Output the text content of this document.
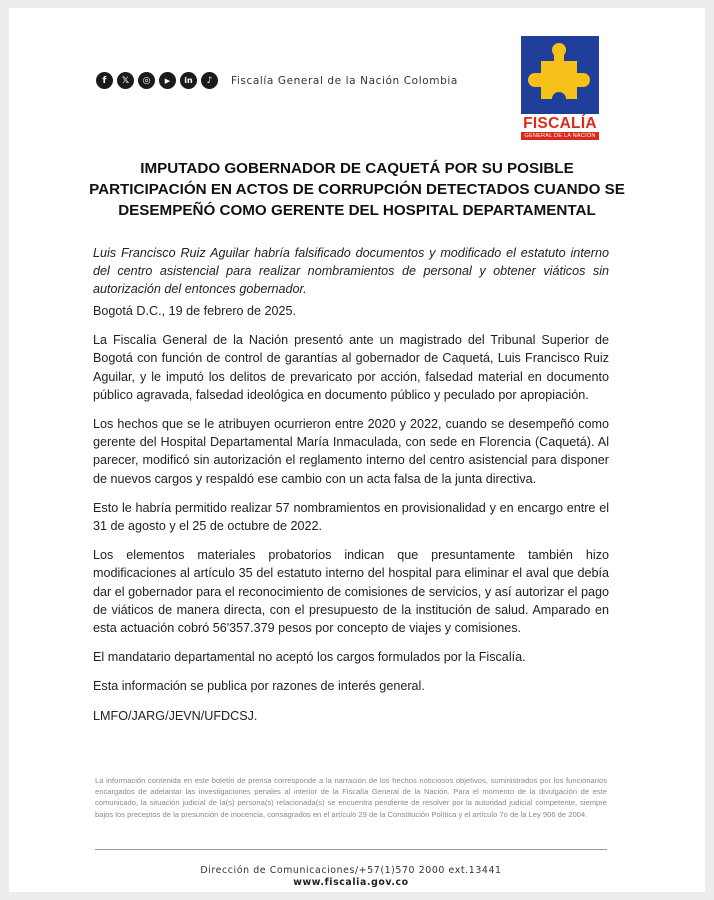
f	𝕏	◎	▶	in	♪	Fiscalía General de la Nación Colombia
FISCALÍA
GENERAL DE LA NACIÓN
IMPUTADO GOBERNADOR DE CAQUETÁ POR SU POSIBLE PARTICIPACIÓN EN ACTOS DE CORRUPCIÓN DETECTADOS CUANDO SE DESEMPEÑÓ COMO GERENTE DEL HOSPITAL DEPARTAMENTAL

Luis Francisco Ruiz Aguilar habría falsificado documentos y modificado el estatuto interno del centro asistencial para realizar nombramientos de personal y obtener viáticos sin autorización del entonces gobernador.

Bogotá D.C., 19 de febrero de 2025.

La Fiscalía General de la Nación presentó ante un magistrado del Tribunal Superior de Bogotá con función de control de garantías al gobernador de Caquetá, Luis Francisco Ruiz Aguilar, y le imputó los delitos de prevaricato por acción, falsedad material en documento público agravada, falsedad ideológica en documento público y peculado por apropiación.

Los hechos que se le atribuyen ocurrieron entre 2020 y 2022, cuando se desempeñó como gerente del Hospital Departamental María Inmaculada, con sede en Florencia (Caquetá). Al parecer, modificó sin autorización el reglamento interno del centro asistencial para disponer de nuevos cargos y respaldó ese cambio con un acta falsa de la junta directiva.

Esto le habría permitido realizar 57 nombramientos en provisionalidad y en encargo entre el 31 de agosto y el 25 de octubre de 2022.

Los elementos materiales probatorios indican que presuntamente también hizo modificaciones al artículo 35 del estatuto interno del hospital para eliminar el aval que debía dar el gobernador para el reconocimiento de comisiones de servicios, y así autorizar el pago de viáticos de manera directa, con el presupuesto de la institución de salud. Amparado en esta actuación cobró 56'357.379 pesos por concepto de viajes y comisiones.

El mandatario departamental no aceptó los cargos formulados por la Fiscalía.

Esta información se publica por razones de interés general.

LMFO/JARG/JEVN/UFDCSJ.

La información contenida en este boletín de prensa corresponde a la narración de los hechos noticiosos objetivos, suministrados por los funcionarios encargados de adelantar las investigaciones penales al interior de la Fiscalía General de la Nación. Para el momento de la divulgación de este comunicado, la situación judicial de la(s) persona(s) relacionada(s) se encuentra pendiente de resolver por la autoridad judicial competente, siempre bajos los preceptos de la presunción de inocencia, consagrados en el artículo 29 de la Constitución Política y el artículo 7o de la Ley 906 de 2004.

Dirección de Comunicaciones/+57(1)570 2000 ext.13441
www.fiscalia.gov.co
